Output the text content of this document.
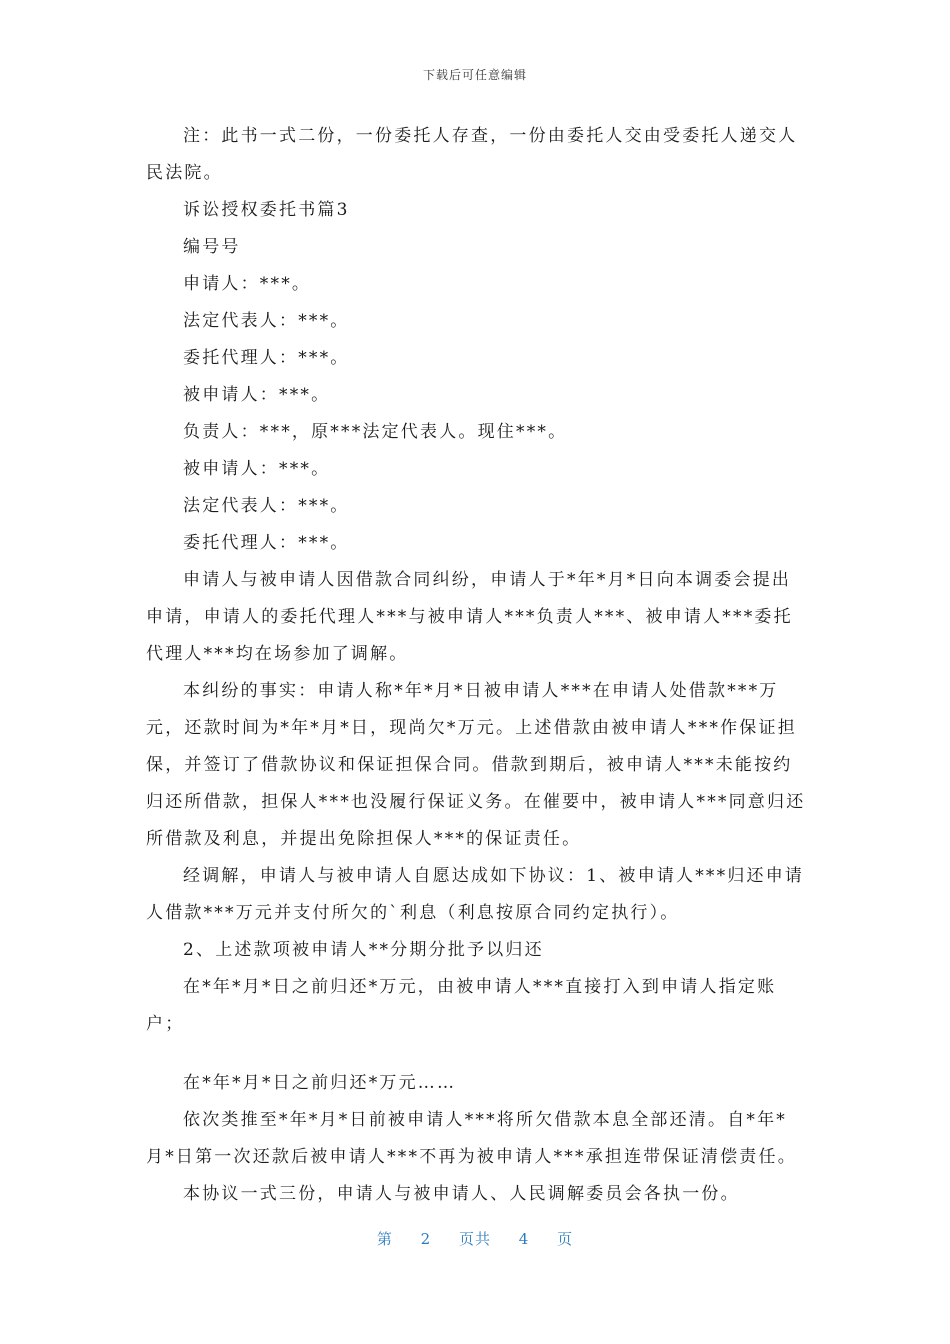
下载后可任意编辑

注：此书一式二份，一份委托人存查，一份由委托人交由受委托人递交人民法院。

诉讼授权委托书篇3

编号号

申请人：***。

法定代表人：***。

委托代理人：***。

被申请人：***。

负责人：***，原***法定代表人。现住***。

被申请人：***。

法定代表人：***。

委托代理人：***。

申请人与被申请人因借款合同纠纷，申请人于*年*月*日向本调委会提出申请，申请人的委托代理人***与被申请人***负责人***、被申请人***委托代理人***均在场参加了调解。

本纠纷的事实：申请人称*年*月*日被申请人***在申请人处借款***万元，还款时间为*年*月*日，现尚欠*万元。上述借款由被申请人***作保证担保，并签订了借款协议和保证担保合同。借款到期后，被申请人***未能按约归还所借款，担保人***也没履行保证义务。在催要中，被申请人***同意归还所借款及利息，并提出免除担保人***的保证责任。

经调解，申请人与被申请人自愿达成如下协议：1、被申请人***归还申请人借款***万元并支付所欠的`利息（利息按原合同约定执行）。

2、上述款项被申请人**分期分批予以归还

在*年*月*日之前归还*万元，由被申请人***直接打入到申请人指定账户；

在*年*月*日之前归还*万元……

依次类推至*年*月*日前被申请人***将所欠借款本息全部还清。自*年*月*日第一次还款后被申请人***不再为被申请人***承担连带保证清偿责任。

本协议一式三份，申请人与被申请人、人民调解委员会各执一份。

第 2 页共 4 页
